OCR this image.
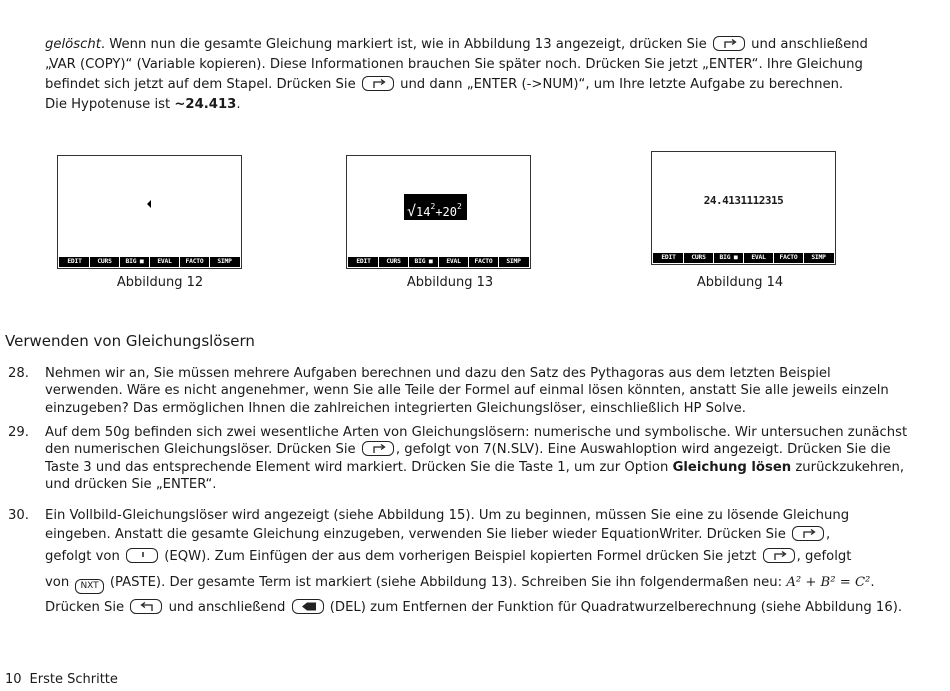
gelöscht. Wenn nun die gesamte Gleichung markiert ist, wie in Abbildung 13 angezeigt, drücken Sie	und anschließend
„VAR (COPY)“ (Variable kopieren). Diese Informationen brauchen Sie später noch. Drücken Sie jetzt „ENTER“. Ihre Gleichung
befindet sich jetzt auf dem Stapel. Drücken Sie	und dann „ENTER (->NUM)“, um Ihre letzte Aufgabe zu berechnen.
Die Hypotenuse ist ~24.413.
EDIT	CURS	BIG ■	EVAL	FACTO	SIMP
Abbildung 12
$√14^2+20^2$
EDIT	CURS	BIG ■	EVAL	FACTO	SIMP
Abbildung 13
24.4131112315
EDIT	CURS	BIG ■	EVAL	FACTO	SIMP
Abbildung 14
Verwenden von Gleichungslösern
28.	Nehmen wir an, Sie müssen mehrere Aufgaben berechnen und dazu den Satz des Pythagoras aus dem letzten Beispiel
verwenden. Wäre es nicht angenehmer, wenn Sie alle Teile der Formel auf einmal lösen könnten, anstatt Sie alle jeweils einzeln
einzugeben? Das ermöglichen Ihnen die zahlreichen integrierten Gleichungslöser, einschließlich HP Solve.
29.	Auf dem 50g befinden sich zwei wesentliche Arten von Gleichungslösern: numerische und symbolische. Wir untersuchen zunächst
den numerischen Gleichungslöser. Drücken Sie	, gefolgt von 7(N.SLV). Eine Auswahloption wird angezeigt. Drücken Sie die
Taste 3 und das entsprechende Element wird markiert. Drücken Sie die Taste 1, um zur Option Gleichung lösen zurückzukehren,
und drücken Sie „ENTER“.
30.	Ein Vollbild-Gleichungslöser wird angezeigt (siehe Abbildung 15). Um zu beginnen, müssen Sie eine zu lösende Gleichung
eingeben. Anstatt die gesamte Gleichung einzugeben, verwenden Sie lieber wieder EquationWriter. Drücken Sie	,
gefolgt von	(EQW). Zum Einfügen der aus dem vorherigen Beispiel kopierten Formel drücken Sie jetzt	, gefolgt
von NXT (PASTE). Der gesamte Term ist markiert (siehe Abbildung 13). Schreiben Sie ihn folgendermaßen neu: A² + B² = C².
Drücken Sie	und anschließend	(DEL) zum Entfernen der Funktion für Quadratwurzelberechnung (siehe Abbildung 16).
10 Erste Schritte
